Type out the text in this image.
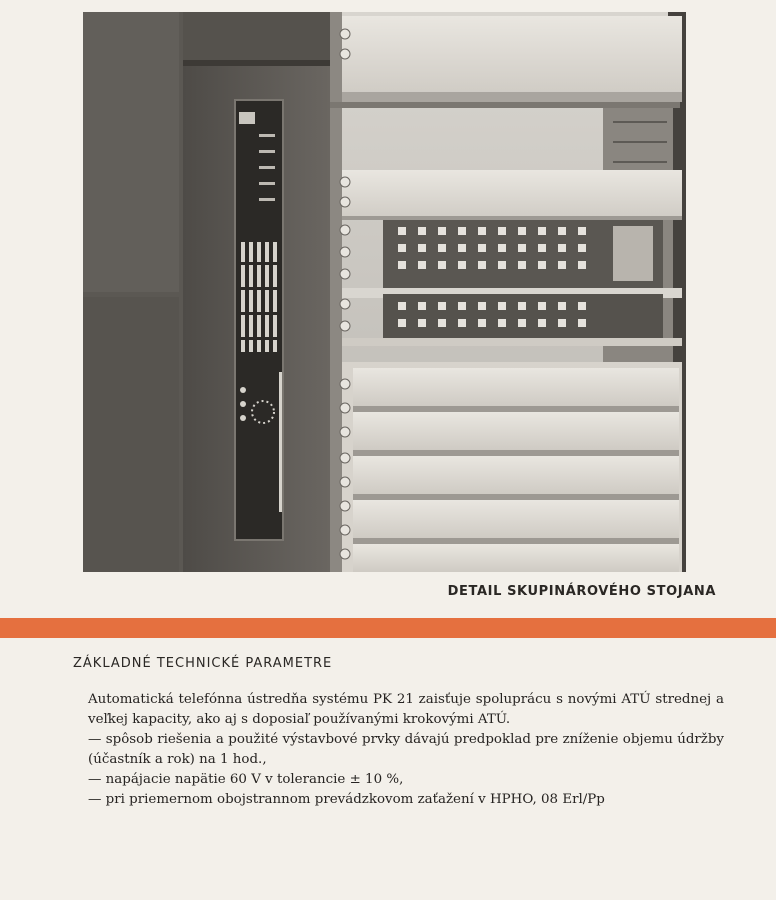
DETAIL SKUPINÁROVÉHO STOJANA
ZÁKLADNÉ TECHNICKÉ PARAMETRE

Automatická telefónna ústredňa systému PK 21 zaisťuje spoluprácu s novými ATÚ strednej a veľkej kapacity, ako aj s doposiaľ používanými krokovými ATÚ.

— spôsob riešenia a použité výstavbové prvky dávajú predpoklad pre zníženie objemu údržby (účastník a rok) na 1 hod.,

— napájacie napätie 60 V v tolerancie ± 10 %,

— pri priemernom obojstrannom prevádzkovom zaťažení v HPHO, 08 Erl/Pp
